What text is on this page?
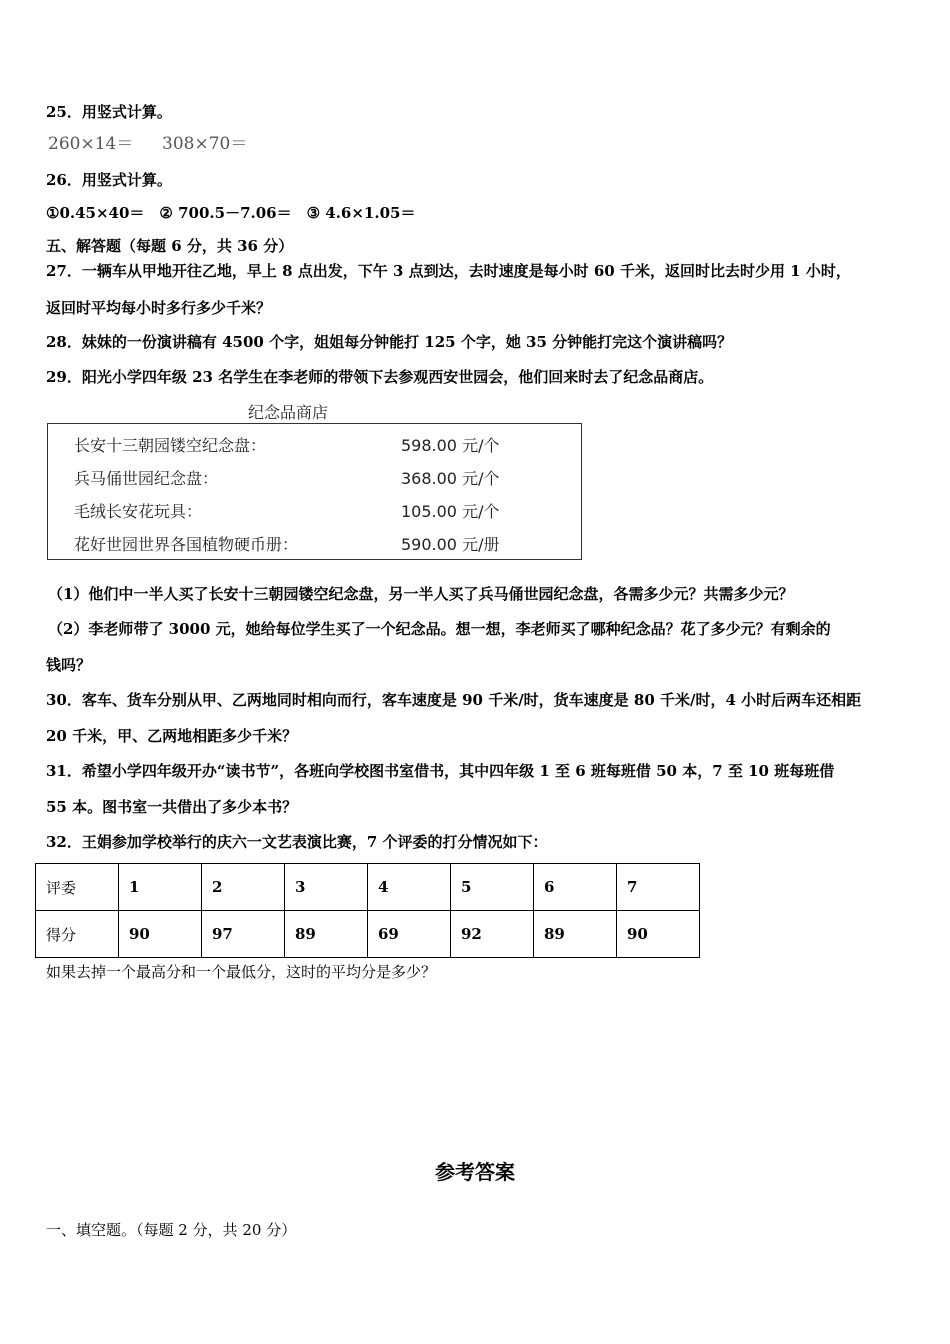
25．用竖式计算。
260×14＝ 308×70＝
26．用竖式计算。
①0.45×40＝　② 700.5－7.06＝　③ 4.6×1.05＝
五、解答题（每题 6 分，共 36 分）
27．一辆车从甲地开往乙地，早上 8 点出发，下午 3 点到达，去时速度是每小时 60 千米，返回时比去时少用 1 小时，
返回时平均每小时多行多少千米？
28．妹妹的一份演讲稿有 4500 个字，姐姐每分钟能打 125 个字，她 35 分钟能打完这个演讲稿吗？
29．阳光小学四年级 23 名学生在李老师的带领下去参观西安世园会，他们回来时去了纪念品商店。
纪念品商店
长安十三朝园镂空纪念盘：	598.00 元/个
兵马俑世园纪念盘：	368.00 元/个
毛绒长安花玩具：	105.00 元/个
花好世园世界各国植物硬币册：	590.00 元/册
（1）他们中一半人买了长安十三朝园镂空纪念盘，另一半人买了兵马俑世园纪念盘，各需多少元？共需多少元？
（2）李老师带了 3000 元，她给每位学生买了一个纪念品。想一想，李老师买了哪种纪念品？花了多少元？有剩余的
钱吗？
30．客车、货车分别从甲、乙两地同时相向而行，客车速度是 90 千米/时，货车速度是 80 千米/时，4 小时后两车还相距
20 千米，甲、乙两地相距多少千米？
31．希望小学四年级开办“读书节”，各班向学校图书室借书，其中四年级 1 至 6 班每班借 50 本，7 至 10 班每班借
55 本。图书室一共借出了多少本书？
32．王娟参加学校举行的庆六一文艺表演比赛，7 个评委的打分情况如下：
评委	1	2	3	4	5	6	7
得分	90	97	89	69	92	89	90
如果去掉一个最高分和一个最低分，这时的平均分是多少？
参考答案
一、填空题。（每题 2 分，共 20 分）
